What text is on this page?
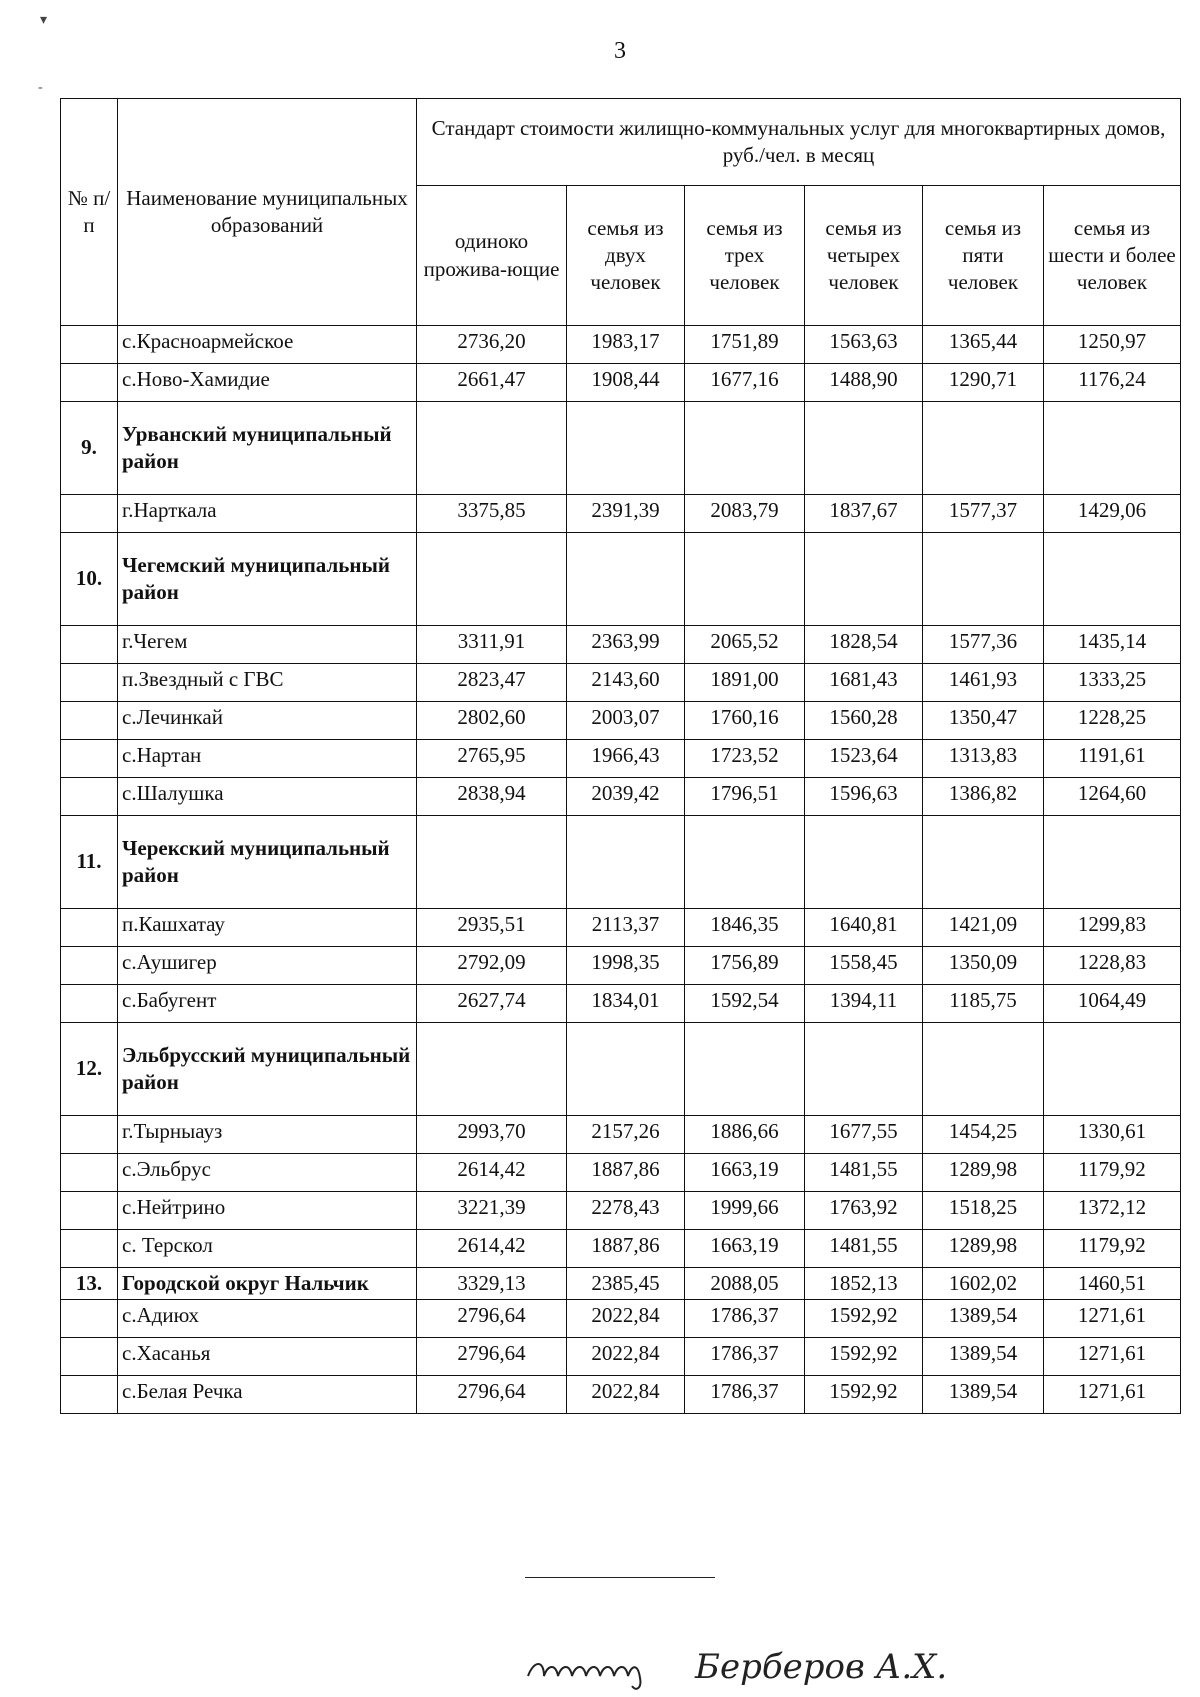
▾
-
3
№ п/п	Наименование муниципальных образований	Стандарт стоимости жилищно-коммунальных услуг для многоквартирных домов, руб./чел. в месяц					
		одиноко прожива-ющие	семья из двух человек	семья из трех человек	семья из четырех человек	семья из пяти человек	семья из шести и более человек
	с.Красноармейское	2736,20	1983,17	1751,89	1563,63	1365,44	1250,97
	с.Ново-Хамидие	2661,47	1908,44	1677,16	1488,90	1290,71	1176,24
9.	Урванский муниципальный район						
	г.Нарткала	3375,85	2391,39	2083,79	1837,67	1577,37	1429,06
10.	Чегемский муниципальный район						
	г.Чегем	3311,91	2363,99	2065,52	1828,54	1577,36	1435,14
	п.Звездный с ГВС	2823,47	2143,60	1891,00	1681,43	1461,93	1333,25
	с.Лечинкай	2802,60	2003,07	1760,16	1560,28	1350,47	1228,25
	с.Нартан	2765,95	1966,43	1723,52	1523,64	1313,83	1191,61
	с.Шалушка	2838,94	2039,42	1796,51	1596,63	1386,82	1264,60
11.	Черекский муниципальный район						
	п.Кашхатау	2935,51	2113,37	1846,35	1640,81	1421,09	1299,83
	с.Аушигер	2792,09	1998,35	1756,89	1558,45	1350,09	1228,83
	с.Бабугент	2627,74	1834,01	1592,54	1394,11	1185,75	1064,49
12.	Эльбрусский муниципальный район						
	г.Тырныауз	2993,70	2157,26	1886,66	1677,55	1454,25	1330,61
	с.Эльбрус	2614,42	1887,86	1663,19	1481,55	1289,98	1179,92
	с.Нейтрино	3221,39	2278,43	1999,66	1763,92	1518,25	1372,12
	с. Терскол	2614,42	1887,86	1663,19	1481,55	1289,98	1179,92
13.	Городской округ Нальчик	3329,13	2385,45	2088,05	1852,13	1602,02	1460,51
	с.Адиюх	2796,64	2022,84	1786,37	1592,92	1389,54	1271,61
	с.Хасанья	2796,64	2022,84	1786,37	1592,92	1389,54	1271,61
	с.Белая Речка	2796,64	2022,84	1786,37	1592,92	1389,54	1271,61
Берберов А.Х.
